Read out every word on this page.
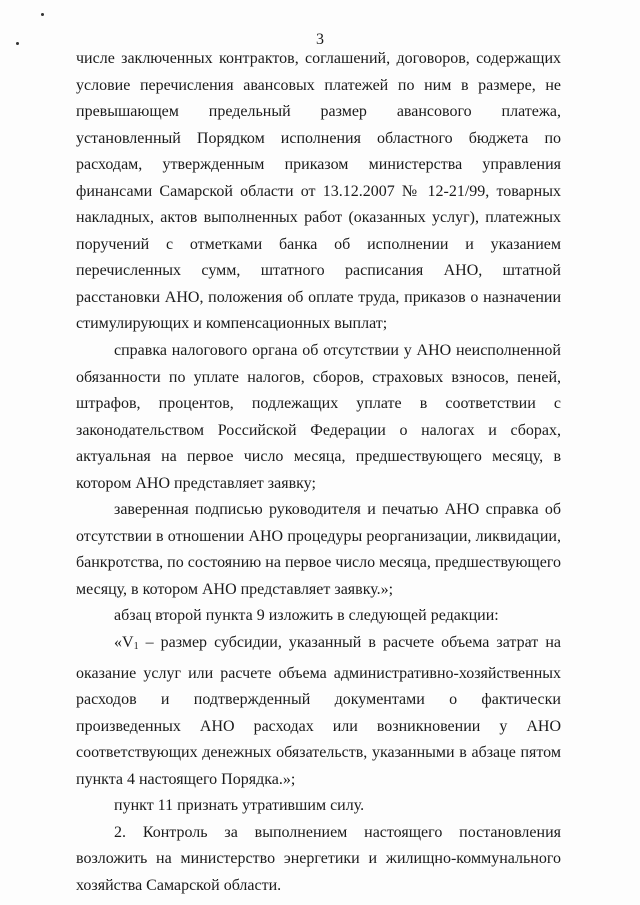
3

числе заключенных контрактов, соглашений, договоров, содержащих условие перечисления авансовых платежей по ним в размере, не превышающем предельный размер авансового платежа, установленный Порядком исполнения областного бюджета по расходам, утвержденным приказом министерства управления финансами Самарской области от 13.12.2007 № 12-21/99, товарных накладных, актов выполненных работ (оказанных услуг), платежных поручений с отметками банка об исполнении и указанием перечисленных сумм, штатного расписания АНО, штатной расстановки АНО, положения об оплате труда, приказов о назначении стимулирующих и компенсационных выплат;

справка налогового органа об отсутствии у АНО неисполненной обязанности по уплате налогов, сборов, страховых взносов, пеней, штрафов, процентов, подлежащих уплате в соответствии с законодательством Российской Федерации о налогах и сборах, актуальная на первое число месяца, предшествующего месяцу, в котором АНО представляет заявку;

заверенная подписью руководителя и печатью АНО справка об отсутствии в отношении АНО процедуры реорганизации, ликвидации, банкротства, по состоянию на первое число месяца, предшествующего месяцу, в котором АНО представляет заявку.»;

абзац второй пункта 9 изложить в следующей редакции:

«$V_1$ – размер субсидии, указанный в расчете объема затрат на оказание услуг или расчете объема административно-хозяйственных расходов и подтвержденный документами о фактически произведенных АНО расходах или возникновении у АНО соответствующих денежных обязательств, указанными в абзаце пятом пункта 4 настоящего Порядка.»;

пункт 11 признать утратившим силу.

2. Контроль за выполнением настоящего постановления возложить на министерство энергетики и жилищно-коммунального хозяйства Самарской области.
